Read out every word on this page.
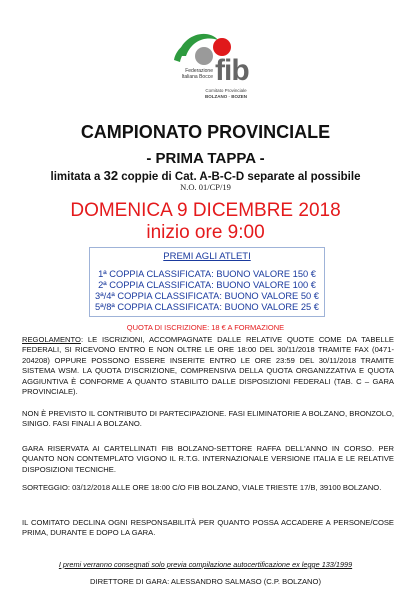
Federazione
Italiana Bocce fib
Comitato Provinciale
BOLZANO · BOZEN
CAMPIONATO PROVINCIALE
- PRIMA TAPPA -
limitata a 32 coppie di Cat. A-B-C-D separate al possibile
N.O. 01/CP/19
DOMENICA 9 DICEMBRE 2018
inizio ore 9:00
PREMI AGLI ATLETI
1ª COPPIA CLASSIFICATA: BUONO VALORE 150 €
2ª COPPIA CLASSIFICATA: BUONO VALORE 100 €
3ª/4ª COPPIA CLASSIFICATA: BUONO VALORE 50 €
5ª/8ª COPPIA CLASSIFICATA: BUONO VALORE 25 €
QUOTA DI ISCRIZIONE: 18 € A FORMAZIONE
REGOLAMENTO: LE ISCRIZIONI, ACCOMPAGNATE DALLE RELATIVE QUOTE COME DA TABELLE FEDERALI, SI RICEVONO ENTRO E NON OLTRE LE ORE 18:00 DEL 30/11/2018 TRAMITE FAX (0471-204208) OPPURE POSSONO ESSERE INSERITE ENTRO LE ORE 23:59 DEL 30/11/2018 TRAMITE SISTEMA WSM. LA QUOTA D'ISCRIZIONE, COMPRENSIVA DELLA QUOTA ORGANIZZATIVA E QUOTA AGGIUNTIVA È CONFORME A QUANTO STABILITO DALLE DISPOSIZIONI FEDERALI (TAB. C – GARA PROVINCIALE).
NON È PREVISTO IL CONTRIBUTO DI PARTECIPAZIONE. FASI ELIMINATORIE A BOLZANO, BRONZOLO, SINIGO. FASI FINALI A BOLZANO.
GARA RISERVATA AI CARTELLINATI FIB BOLZANO-SETTORE RAFFA DELL'ANNO IN CORSO. PER QUANTO NON CONTEMPLATO VIGONO IL R.T.G. INTERNAZIONALE VERSIONE ITALIA E LE RELATIVE DISPOSIZIONI TECNICHE.
SORTEGGIO: 03/12/2018 ALLE ORE 18:00 C/O FIB BOLZANO, VIALE TRIESTE 17/B, 39100 BOLZANO.
IL COMITATO DECLINA OGNI RESPONSABILITÀ PER QUANTO POSSA ACCADERE A PERSONE/COSE PRIMA, DURANTE E DOPO LA GARA.
I premi verranno consegnati solo previa compilazione autocertificazione ex legge 133/1999
DIRETTORE DI GARA: ALESSANDRO SALMASO (C.P. BOLZANO)
